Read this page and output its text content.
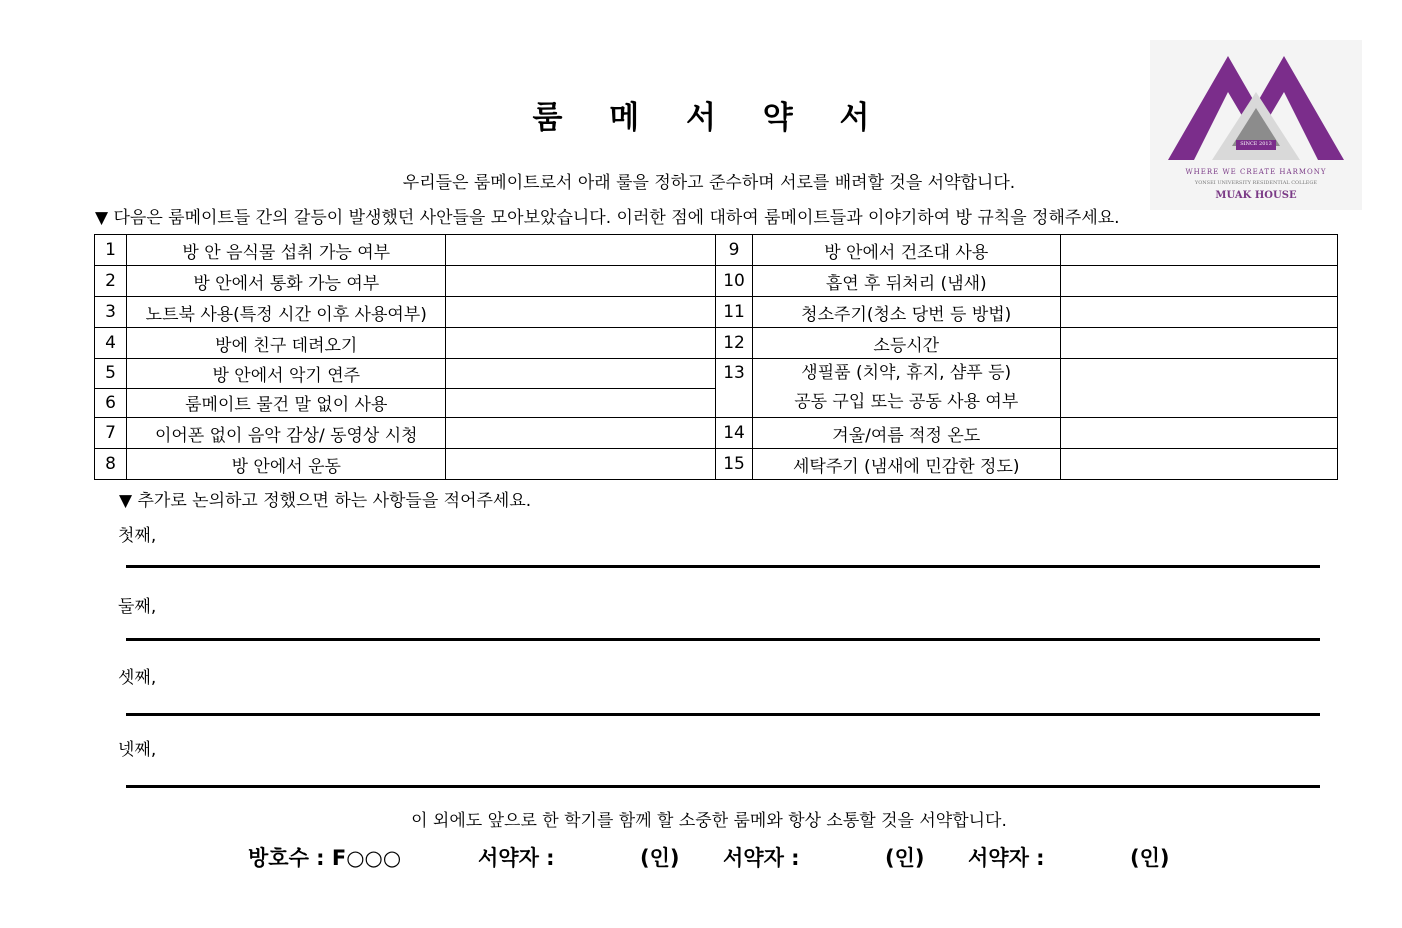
룸 메 서 약 서
SINCE 2013
WHERE WE CREATE HARMONY
YONSEI UNIVERSITY RESIDENTIAL COLLEGE
MUAK HOUSE
우리들은 룸메이트로서 아래 룰을 정하고 준수하며 서로를 배려할 것을 서약합니다.
▼ 다음은 룸메이트들 간의 갈등이 발생했던 사안들을 모아보았습니다. 이러한 점에 대하여 룸메이트들과 이야기하여 방 규칙을 정해주세요.
1	방 안 음식물 섭취 가능 여부		9	방 안에서 건조대 사용	
2	방 안에서 통화 가능 여부		10	흡연 후 뒤처리 (냄새)	
3	노트북 사용(특정 시간 이후 사용여부)		11	청소주기(청소 당번 등 방법)	
4	방에 친구 데려오기		12	소등시간	
5	방 안에서 악기 연주		13	생필품 (치약, 휴지, 샴푸 등)
공동 구입 또는 공동 사용 여부	

6	룸메이트 물건 말 없이 사용				
7	이어폰 없이 음악 감상/ 동영상 시청		14	겨울/여름 적정 온도	
8	방 안에서 운동		15	세탁주기 (냄새에 민감한 정도)	
▼ 추가로 논의하고 정했으면 하는 사항들을 적어주세요.
첫째,
둘째,
셋째,
넷째,
이 외에도 앞으로 한 학기를 함께 할 소중한 룸메와 항상 소통할 것을 서약합니다.
방호수 : F○○○	서약자 :	(인) 서약자 :	(인) 서약자 :	(인)
